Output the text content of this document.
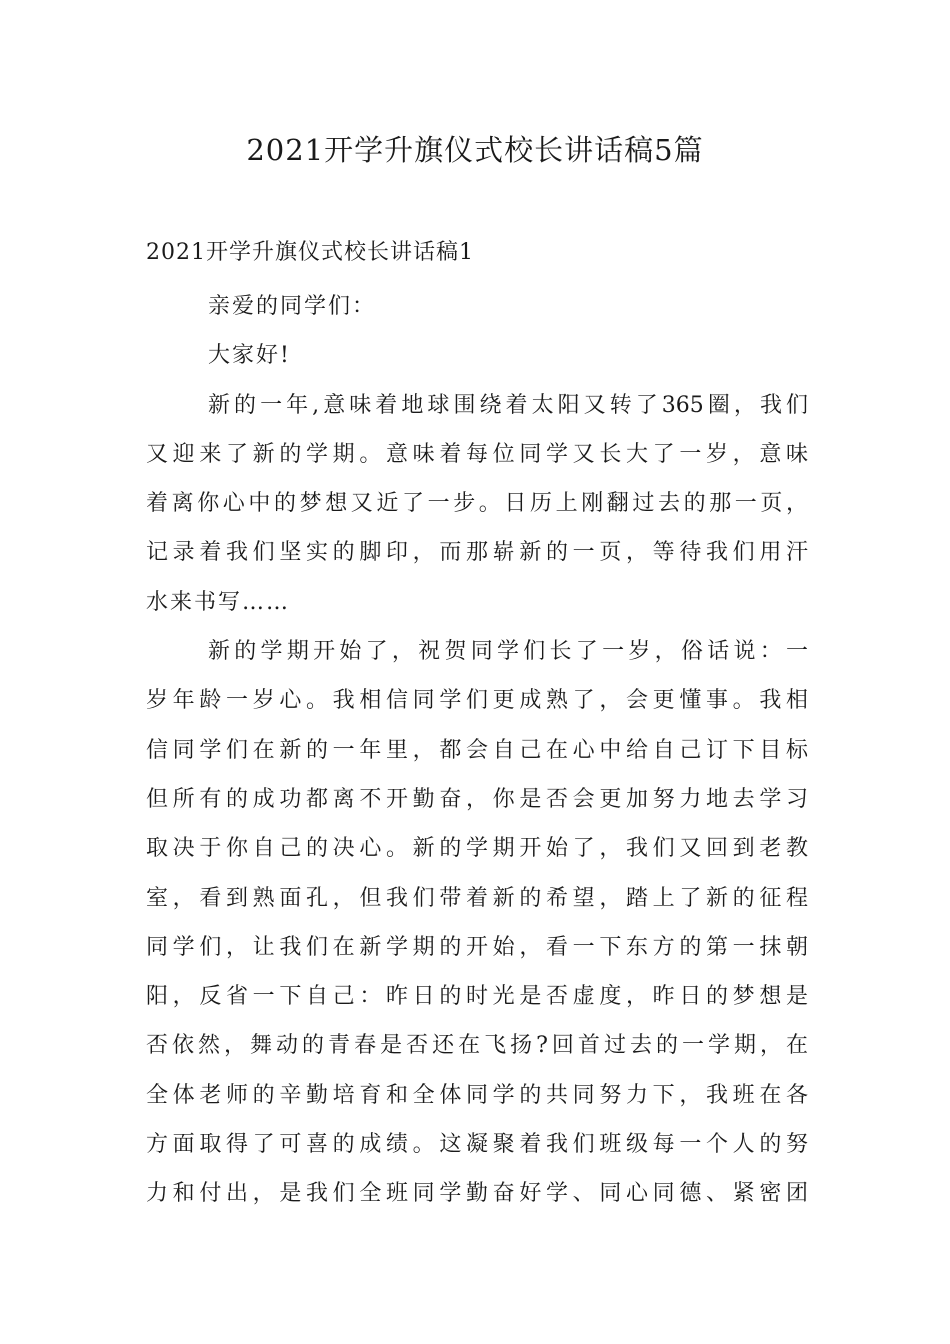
2021开学升旗仪式校长讲话稿5篇
2021开学升旗仪式校长讲话稿1
亲爱的同学们：
大家好!
新的一年,意味着地球围绕着太阳又转了365圈，我们
又迎来了新的学期。意味着每位同学又长大了一岁，意味
着离你心中的梦想又近了一步。日历上刚翻过去的那一页，
记录着我们坚实的脚印，而那崭新的一页，等待我们用汗
水来书写……
新的学期开始了，祝贺同学们长了一岁，俗话说：一
岁年龄一岁心。我相信同学们更成熟了，会更懂事。我相
信同学们在新的一年里，都会自己在心中给自己订下目标
但所有的成功都离不开勤奋，你是否会更加努力地去学习
取决于你自己的决心。新的学期开始了，我们又回到老教
室，看到熟面孔，但我们带着新的希望，踏上了新的征程
同学们，让我们在新学期的开始，看一下东方的第一抹朝
阳，反省一下自己：昨日的时光是否虚度，昨日的梦想是
否依然，舞动的青春是否还在飞扬?回首过去的一学期，在
全体老师的辛勤培育和全体同学的共同努力下，我班在各
方面取得了可喜的成绩。这凝聚着我们班级每一个人的努
力和付出，是我们全班同学勤奋好学、同心同德、紧密团
